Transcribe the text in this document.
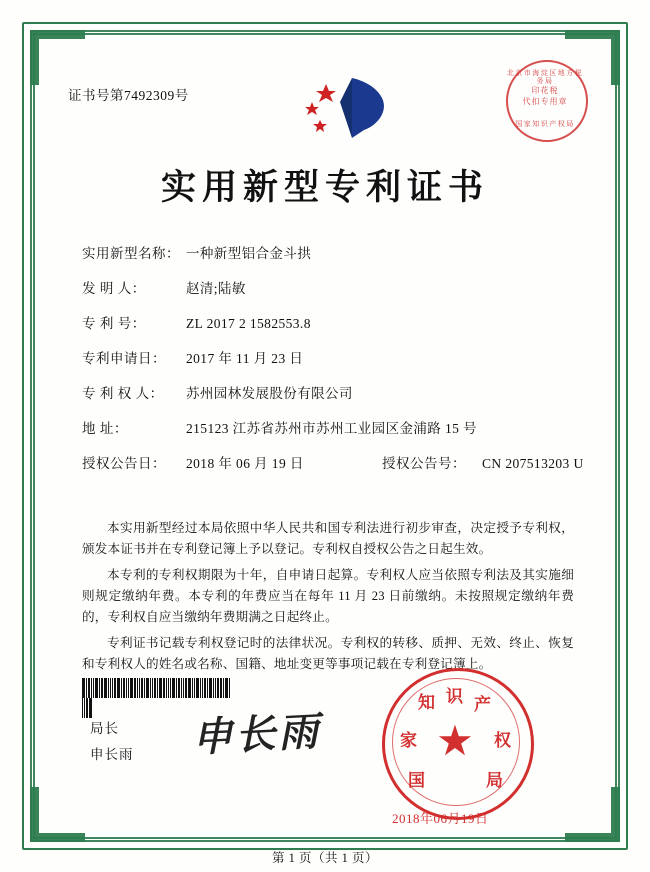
证书号第7492309号
北京市海淀区地方税务局
印花税
代扣专用章
国家知识产权局
实用新型专利证书
实用新型名称： 一种新型铝合金斗拱
发 明 人：	赵清;陆敏
专 利 号：	ZL 2017 2 1582553.8
专利申请日： 2017 年 11 月 23 日
专 利 权 人： 苏州园林发展股份有限公司
地 址：	215123 江苏省苏州市苏州工业园区金浦路 15 号
授权公告日： 2018 年 06 月 19 日	授权公告号： CN 207513203 U

本实用新型经过本局依照中华人民共和国专利法进行初步审查，决定授予专利权，颁发本证书并在专利登记簿上予以登记。专利权自授权公告之日起生效。

本专利的专利权期限为十年，自申请日起算。专利权人应当依照专利法及其实施细则规定缴纳年费。本专利的年费应当在每年 11 月 23 日前缴纳。未按照规定缴纳年费的，专利权自应当缴纳年费期满之日起终止。

专利证书记载专利权登记时的法律状况。专利权的转移、质押、无效、终止、恢复和专利权人的姓名或名称、国籍、地址变更等事项记载在专利登记簿上。

局长
申长雨 申长雨	★
知 识 产
家	权
国	局
2018年06月19日
第 1 页（共 1 页）
